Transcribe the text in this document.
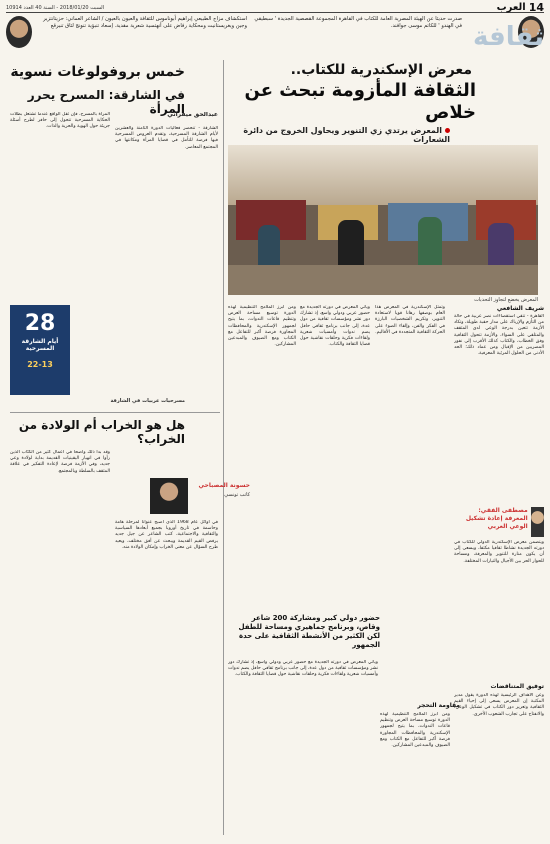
14
العرب
السبت 2018/01/20 - السنة 40 العدد 10914
صدرت حديثا عن الهيئة المصرية العامة للكتاب في القاهرة المجموعة القصصية الجديدة ' سبطيقي في الهندو ' للكاتم موسى جوافند.
استكشاف مزاج الطبيعي إبراهيم أبوناموس للثقافة والعيون بالعيون / الشاعر العماني: حزيتانتزير وجين ويغريستانيت ومحكاية رفاض على أنهتسية شعرية مقدية. إسعاد تنبؤية تنونج لثاق تنيرقع	ثقافة
معرض الإسكندرية للكتاب..
الثقافة المأزومة تبحث عن خلاص
المعرض يرتدي زي التنوير ويحاول الخروج من دائرة الشعارات
المعرض يخضع لتجاوز التحديات
شريف الشافعي
القاهرة - تتقي استقصاءات نصر عربية في حالة من التأزم والإرباك على مدار حقبة طويلة، وتكاد الأزمة تتعين بدرجة الوعي لدى المثقف والمتلقي على السواء، والأزمة تتحول الثقافية وفق الخطاب، والكتاب كذلك الأقرب إلى نفور المصريين من الإقبال ومن عماد ذلك؛ الحد الأدنى من الحلول المرئية المعرفية.
مصطفى الفقي: المعرفة إعادة تشكيل الوعي العربي
ويتضمن معرض الإسكندرية الدولي للكتاب في دورته الجديدة نشاطا ثقافيا مكثفا، ويسعى إلى أن يكون منارة للتنوير والمعرفة، ومساحة للحوار الحر بين الأجيال والتيارات المختلفة.
توفيق المتناقضات
وعن الأهداف الرئيسية لهذه الدورة يقول مدير المكتبة إن المعرض يسعى إلى إحياء القيم الثقافية وتعزيز دور الكتاب في تشكيل الوعي، والانفتاح على تجارب الشعوب الأخرى.
وتمثل الإسكندرية في المعرض هذا العام بوصفها رهانا قويا لاستعادة التنوير، وتكريم الشخصيات البارزة في الفكر والفن، وإلقاء الضوء على الحركة الثقافية المتجددة في الأقاليم.
ويأتي المعرض في دورته الجديدة مع حضور عربي ودولي واسع، إذ تشارك دور نشر ومؤسسات ثقافية من دول عدة، إلى جانب برنامج ثقافي حافل يضم ندوات وأمسيات شعرية ولقاءات فكرية وحلقات نقاشية حول قضايا الثقافة والكتاب.
ومن أبرز الملامح التنظيمية لهذه الدورة توسيع مساحة العرض وتنظيم قاعات الندوات، بما يتيح لجمهور الإسكندرية والمحافظات المجاورة فرصة أكبر للتفاعل مع الكتاب ومع الضيوف والمبدعين المشاركين.
حضور دولي كبير ومشاركة 200 شاعر وقاص، وبرنامج جماهيري ومساحة للطفل لكن الكثير من الأنشطة الثقافية على حدة الجمهور
ويأتي المعرض في دورته الجديدة مع حضور عربي ودولي واسع، إذ تشارك دور نشر ومؤسسات ثقافية من دول عدة، إلى جانب برنامج ثقافي حافل يضم ندوات وأمسيات شعرية ولقاءات فكرية وحلقات نقاشية حول قضايا الثقافة والكتاب.
مقاومة التحجر
ومن أبرز الملامح التنظيمية لهذه الدورة توسيع مساحة العرض وتنظيم قاعات الندوات، بما يتيح لجمهور الإسكندرية والمحافظات المجاورة فرصة أكبر للتفاعل مع الكتاب ومع الضيوف والمبدعين المشاركين.
خمس بروفولوغات نسوية
في الشارقة: المسرح يحرر المرأة
عبدالحق ميفراني
الشارقة - تنحصر فعاليات الدورة الثامنة والعشرين لأيام الشارقة المسرحية، وتقدم العروض المسرحية فيها فرصة للتأمل في قضايا المرأة ومكانتها في المجتمع المعاصر.
المرأة بالمسرح، فإن ثقل الواقع عندما تشتعل بطلات الحكاية المسرحية تتحول إلى حافز لطرح أسئلة جريئة حول الهوية والحرية والذات.
28
أيام الشارقة المسرحية
22-13
مسرحيات عربيات في الشارقة
هل هو الخراب أم الولادة من الخراب؟
حسونة المصباحي
كاتب تونسي
في أوائل عام 1968 الذي أصبح عنوانا لمرحلة هامة وحاسمة في تاريخ أوروبا بجميع أبعادها السياسية والثقافية والاجتماعية، كتب الشاعر عن جيل جديد يرفض القيم القديمة ويبحث عن أفق مختلف، ويعيد طرح السؤال عن معنى الخراب وإمكان الولادة منه.
وقد بدا ذلك واضحا في أعمال كثير من الكتّاب الذين رأوا في انهيار اليقينيات القديمة بداية لولادة وعي جديد، وفي الأزمة فرصة لإعادة التفكير في علاقة المثقف بالسلطة وبالمجتمع.
